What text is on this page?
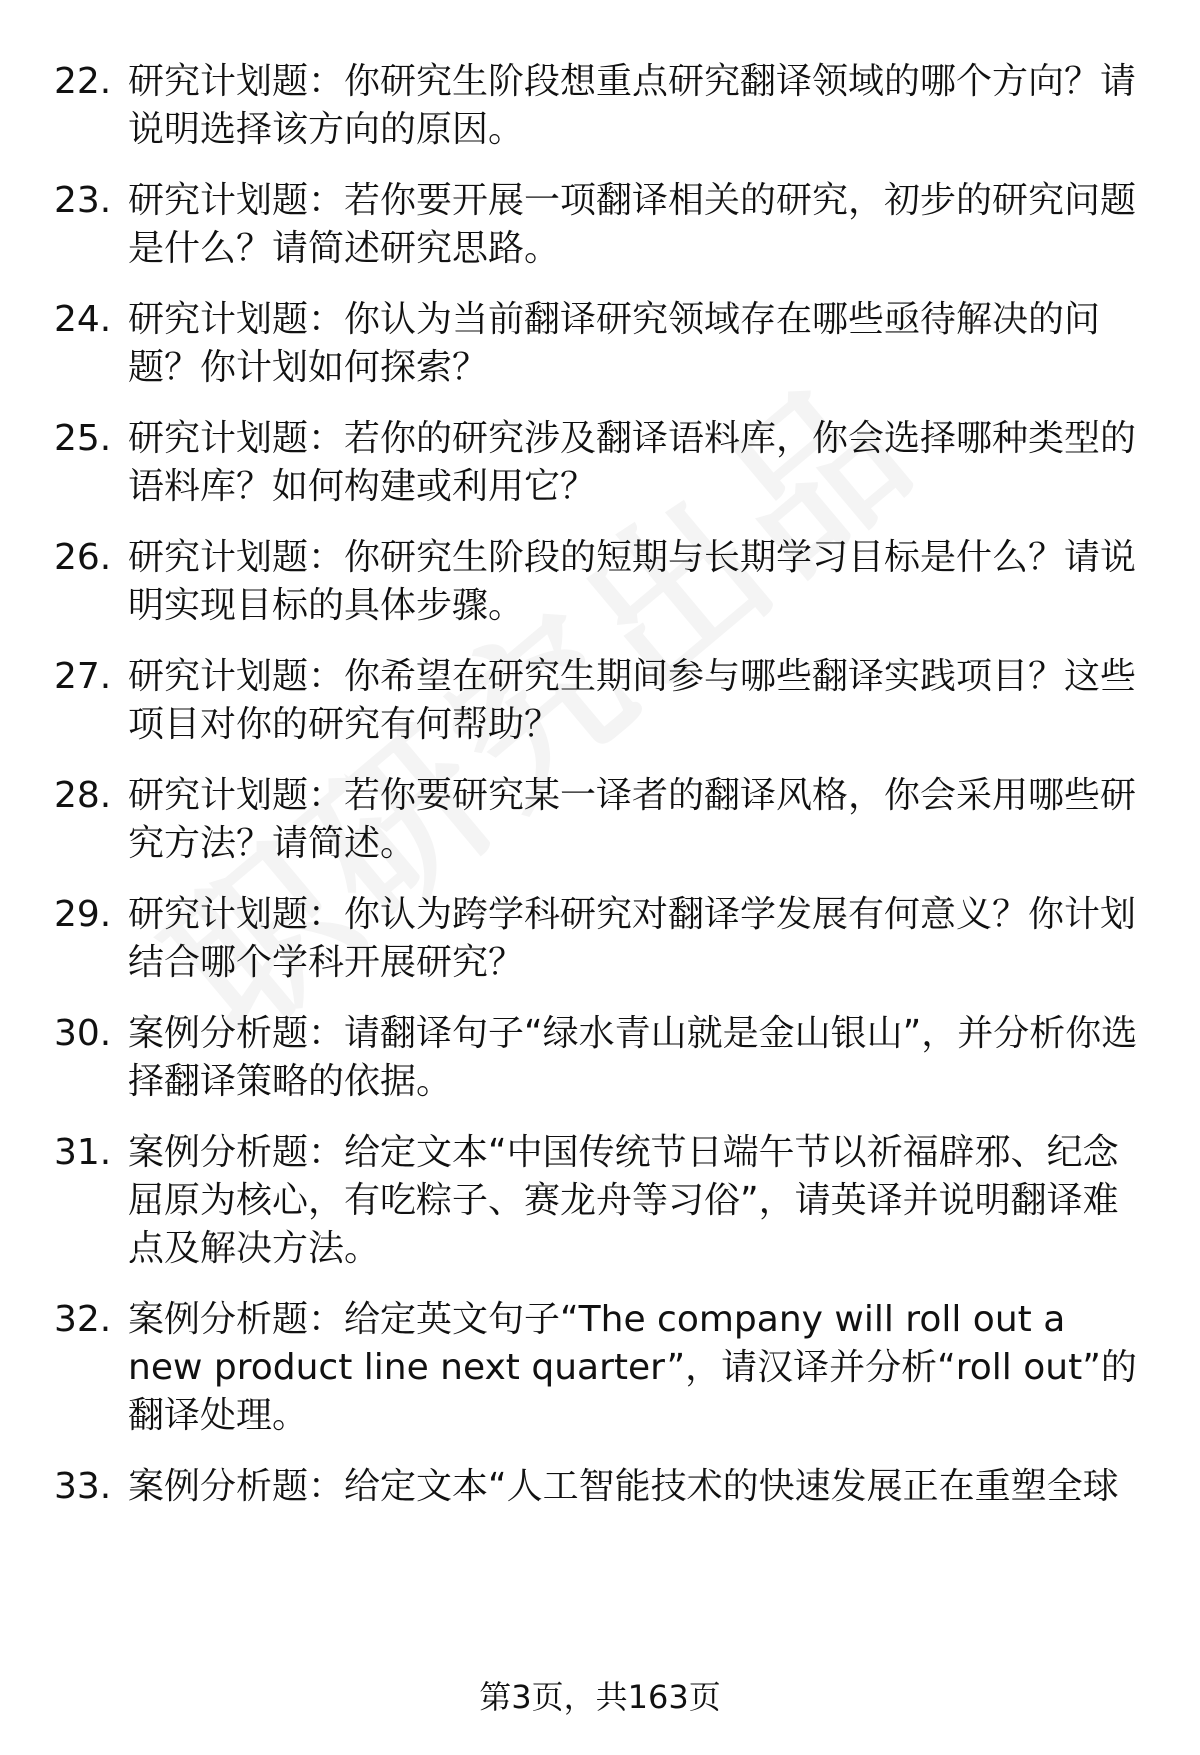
22. 研究计划题：你研究生阶段想重点研究翻译领域的哪个方向？请说明选择该方向的原因。
23. 研究计划题：若你要开展一项翻译相关的研究，初步的研究问题是什么？请简述研究思路。
24. 研究计划题：你认为当前翻译研究领域存在哪些亟待解决的问题？你计划如何探索？
25. 研究计划题：若你的研究涉及翻译语料库，你会选择哪种类型的语料库？如何构建或利用它？
26. 研究计划题：你研究生阶段的短期与长期学习目标是什么？请说明实现目标的具体步骤。
27. 研究计划题：你希望在研究生期间参与哪些翻译实践项目？这些项目对你的研究有何帮助？
28. 研究计划题：若你要研究某一译者的翻译风格，你会采用哪些研究方法？请简述。
29. 研究计划题：你认为跨学科研究对翻译学发展有何意义？你计划结合哪个学科开展研究？
30. 案例分析题：请翻译句子“绿水青山就是金山银山”，并分析你选择翻译策略的依据。
31. 案例分析题：给定文本“中国传统节日端午节以祈福辟邪、纪念屈原为核心，有吃粽子、赛龙舟等习俗”，请英译并说明翻译难点及解决方法。
32. 案例分析题：给定英文句子“The company will roll out a new product line next quarter”，请汉译并分析“roll out”的翻译处理。
33. 案例分析题：给定文本“人工智能技术的快速发展正在重塑全球
第3页，共163页
